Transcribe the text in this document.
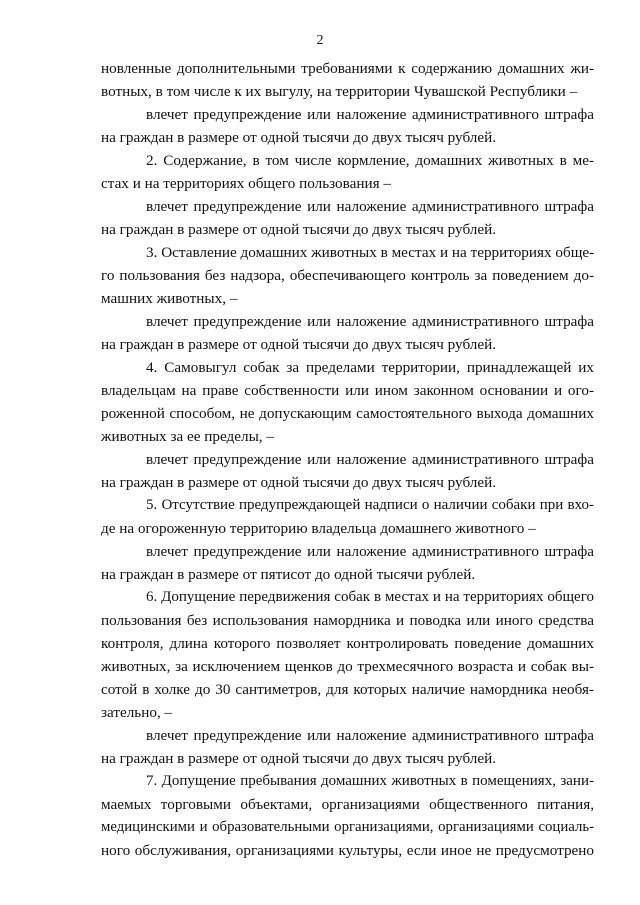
2
новленные дополнительными требованиями к содержанию домашних жи-
вотных, в том числе к их выгулу, на территории Чувашской Республики –
влечет предупреждение или наложение административного штрафа
на граждан в размере от одной тысячи до двух тысяч рублей.
2. Содержание, в том числе кормление, домашних животных в ме-
стах и на территориях общего пользования –
влечет предупреждение или наложение административного штрафа
на граждан в размере от одной тысячи до двух тысяч рублей.
3. Оставление домашних животных в местах и на территориях обще-
го пользования без надзора, обеспечивающего контроль за поведением до-
машних животных, –
влечет предупреждение или наложение административного штрафа
на граждан в размере от одной тысячи до двух тысяч рублей.
4. Самовыгул собак за пределами территории, принадлежащей их
владельцам на праве собственности или ином законном основании и ого-
роженной способом, не допускающим самостоятельного выхода домашних
животных за ее пределы, –
влечет предупреждение или наложение административного штрафа
на граждан в размере от одной тысячи до двух тысяч рублей.
5. Отсутствие предупреждающей надписи о наличии собаки при вхо-
де на огороженную территорию владельца домашнего животного –
влечет предупреждение или наложение административного штрафа
на граждан в размере от пятисот до одной тысячи рублей.
6. Допущение передвижения собак в местах и на территориях общего
пользования без использования намордника и поводка или иного средства
контроля, длина которого позволяет контролировать поведение домашних
животных, за исключением щенков до трехмесячного возраста и собак вы-
сотой в холке до 30 сантиметров, для которых наличие намордника необя-
зательно, –
влечет предупреждение или наложение административного штрафа
на граждан в размере от одной тысячи до двух тысяч рублей.
7. Допущение пребывания домашних животных в помещениях, зани-
маемых торговыми объектами, организациями общественного питания,
медицинскими и образовательными организациями, организациями социаль-
ного обслуживания, организациями культуры, если иное не предусмотрено
